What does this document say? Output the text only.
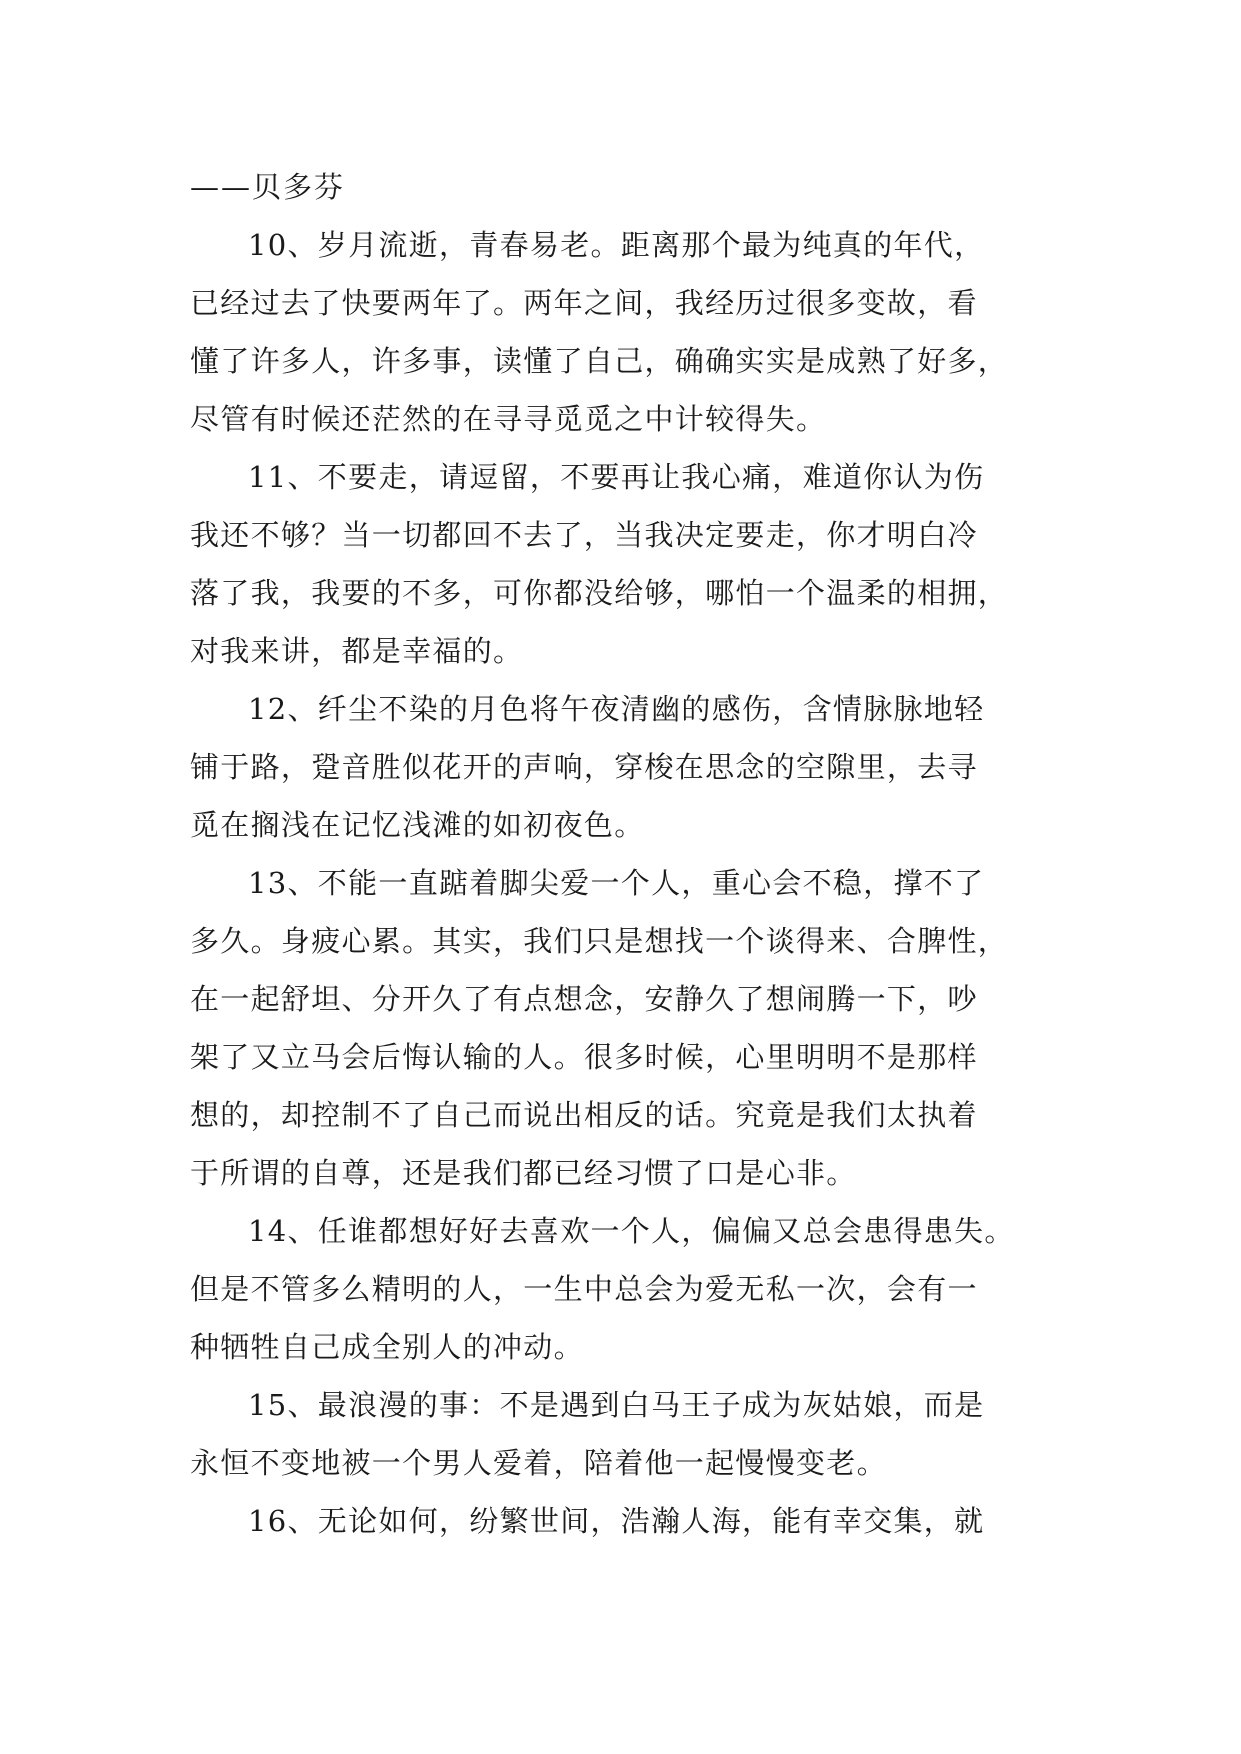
——贝多芬
10、岁月流逝，青春易老。距离那个最为纯真的年代，
已经过去了快要两年了。两年之间，我经历过很多变故，看
懂了许多人，许多事，读懂了自己，确确实实是成熟了好多，
尽管有时候还茫然的在寻寻觅觅之中计较得失。
11、不要走，请逗留，不要再让我心痛，难道你认为伤
我还不够？当一切都回不去了，当我决定要走，你才明白冷
落了我，我要的不多，可你都没给够，哪怕一个温柔的相拥，
对我来讲，都是幸福的。
12、纤尘不染的月色将午夜清幽的感伤，含情脉脉地轻
铺于路，跫音胜似花开的声响，穿梭在思念的空隙里，去寻
觅在搁浅在记忆浅滩的如初夜色。
13、不能一直踮着脚尖爱一个人，重心会不稳，撑不了
多久。身疲心累。其实，我们只是想找一个谈得来、合脾性，
在一起舒坦、分开久了有点想念，安静久了想闹腾一下，吵
架了又立马会后悔认输的人。很多时候，心里明明不是那样
想的，却控制不了自己而说出相反的话。究竟是我们太执着
于所谓的自尊，还是我们都已经习惯了口是心非。
14、任谁都想好好去喜欢一个人，偏偏又总会患得患失。
但是不管多么精明的人，一生中总会为爱无私一次，会有一
种牺牲自己成全别人的冲动。
15、最浪漫的事：不是遇到白马王子成为灰姑娘，而是
永恒不变地被一个男人爱着，陪着他一起慢慢变老。
16、无论如何，纷繁世间，浩瀚人海，能有幸交集，就
